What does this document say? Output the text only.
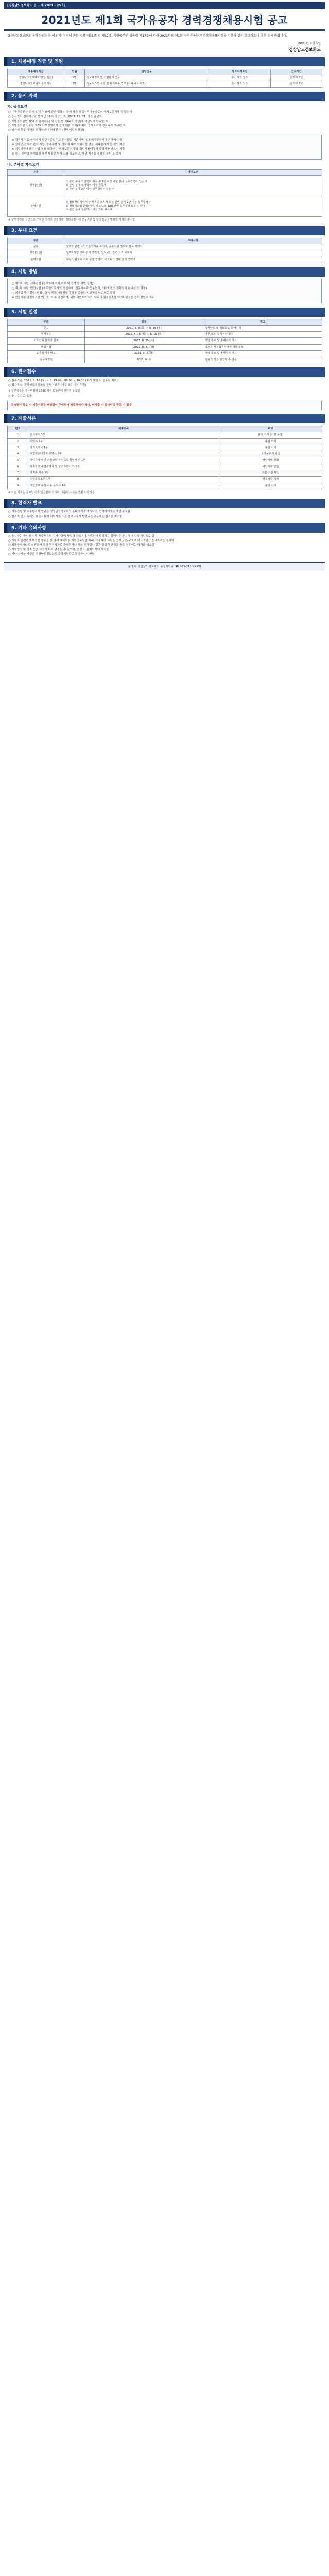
[경상남도정보화도 공고 제 2021 - 25호]
2021년도 제1회 국가유공자 경력경쟁채용시험 공고
경상남도정보화도 국가유공자 등 예우 및 지원에 관한 법률 제31조 및 제32조, 지방공무원 임용령 제17조에 따라 2021년도 제1회 국가유공자 경력경쟁채용시험을 다음과 같이 공고하오니 많은 응시 바랍니다.
2021년 8월 5일
경상남도정보화도
1. 채용예정 직급 및 인원
채용예정직급	인원	담당업무	필요자격요건	근무기간
경상남도정보화도 행정(전산)	1명	정보화정책 및 사업관리 업무	응시자격 참조	임기제 2년
경상남도정보화도 운영지원	1명	정보시스템 운영 및 유지보수 업무 (서버·네트워크)	응시자격 참조	임기제 2년
2. 응시 자격
가. 공통요건
○ 「국가유공자 등 예우 및 지원에 관한 법률」 등에 따른 취업지원대상자로서 국가보훈처에 등록된 자
○ 응시원서 접수마감일 현재 만 18세 이상인 자 (2003. 12. 31. 이전 출생자)
○ 지방공무원법 제31조(결격사유) 및 같은 법 제66조(정년)에 해당되지 아니한 자
○ 지방공무원 임용령 제65조(부정행위자 등에 대한 조치)에 따라 응시자격이 정지되지 아니한 자
○ 남자의 경우 병역을 필하였거나 면제된 자 (전역예정자 포함)
※ 결격사유 등 응시자격 판단기준일은 최종시험일 기준이며, 임용예정일까지 유지하여야 함
※ 장애인 응시자 편의 지원: 장애유형 및 정도에 따라 시험시간 연장, 확대문제지 등 편의 제공
※ 취업지원대상자 가점 적용 대상자는 국가보훈처 발급 취업지원대상자 증명서를 반드시 제출
※ 응시 분야별 자격요건 세부 내용은 아래 표를 참조하고, 해당 자격을 정확히 확인 후 응시
나. 분야별 자격요건
구분	자격요건
행정(전산)	① 관련 분야 학사학위 취득 후 1년 이상 해당 분야 실무경력이 있는 자
② 관련 분야 석사학위 이상 취득자
③ 관련 분야 3년 이상 실무경력이 있는 자
운영지원	① 정보처리기사 이상 자격증 소지자 또는 관련 분야 2년 이상 실무경력자
② 정보시스템 운영(서버, 네트워크, DB) 관련 실무경력 보유자 우대
③ 관련 분야 전문학사 이상 학위 취득자
※ 실무경력은 상근으로 근무한 경력만 인정하며, 경력증명서에 근무기간 및 담당업무가 명확히 기재되어야 함
3. 우대 요건
구분	우대사항
공통	정보화 관련 국가기술자격증 소지자, 공공기관 정보화 업무 경력자
행정(전산)	정보화사업 기획·관리 경력자, 정보보안 관련 자격 보유자
운영지원	리눅스·윈도우 서버 운영 경력자, 네트워크 장비 운영 경력자
4. 시험 방법
○ 제1차 시험: 서류전형 (응시자격 적격 여부 및 경력 등 서면 심사)
○ 제2차 시험: 면접시험 (공무원으로서의 정신자세, 전문지식과 응용능력, 의사표현의 정확성과 논리성 등 평정)
○ 최종합격자 결정: 면접시험 성적과 서류전형 결과를 종합하여 고득점자 순으로 결정
※ 면접시험 평정요소별 '상, 중, 하'로 평정하며, 위원 과반수가 어느 하나의 평정요소를 '하'로 평정한 경우 불합격 처리
5. 시험 일정
구분	일정	비고
공고	2021. 8. 5.(목) ~ 8. 19.(목)	경상남도 및 정보화도 홈페이지
원서접수	2021. 8. 16.(월) ~ 8. 19.(목)	방문 또는 등기우편 접수
서류전형 합격자 발표	2021. 8. 25.(수)	개별 통보 및 홈페이지 게시
면접시험	2021. 8. 31.(화)	장소는 서류합격자에게 개별 통보
최종합격자 발표	2021. 9. 3.(금)	개별 통보 및 홈페이지 게시
임용예정일	2021. 9. 중	임용 일정은 변경될 수 있음
6. 원서접수
○ 접수기간: 2021. 8. 16.(월) ~ 8. 19.(목), 09:00 ~ 18:00 (토·일요일 및 공휴일 제외)
○ 접수장소: 경상남도정보화도 운영지원과 (방문 또는 등기우편)
※ 우편접수는 접수마감일 18:00까지 도착분에 한하여 유효함
○ 응시수수료: 없음
응시원서 접수 시 제출서류를 빠짐없이 구비하여 제출하여야 하며, 미제출 시 불이익을 받을 수 있음
7. 제출서류
번호	제출서류	비고
1	응시원서 1부	붙임 서식 (사진 부착)
2	이력서 1부	붙임 서식
3	자기소개서 1부	붙임 서식
4	취업지원대상자 증명서 1부	국가보훈처 발급
5	경력증명서 및 건강보험 자격득실 확인서 각 1부	해당자에 한함
6	최종학력 졸업증명서 및 성적증명서 각 1부	해당자에 한함
7	자격증 사본 1부	원본 지참 확인
8	주민등록초본 1부	병적사항 기재
9	개인정보 수집·이용 동의서 1부	붙임 서식
※ 모든 서류는 공고일 이후 발급분에 한하며, 제출된 서류는 반환하지 않음
8. 합격자 발표
○ 서류전형 및 최종합격자 명단은 경상남도정보화도 홈페이지에 게시하고, 합격자에게는 개별 통보함
○ 합격자 발표 후에도 제출서류의 허위기재 또는 결격사유가 발견되는 경우에는 합격을 취소함
9. 기타 유의사항
○ 응시자는 응시원서 및 제출서류의 기재사항이 사실과 다르거나 누락되어 발생하는 불이익은 응시자 본인의 책임으로 함
○ 시험과 관련하여 부정한 행위를 한 자에 대하여는 지방공무원법 제42조에 따라 시험을 정지 또는 무효로 하고 5년간 응시자격을 정지함
○ 최종합격자라도 신원조사 결과 부적격자로 판명되거나 채용 신체검사 결과 불합격 판정을 받은 경우에는 합격을 취소함
○ 시험일정 및 장소 등은 사정에 따라 변경될 수 있으며, 변경 시 홈페이지에 게시함
○ 기타 자세한 사항은 경상남도정보화도 운영지원과로 문의하시기 바람
문의처: 경상남도정보화도 운영지원과 (☎ 055-211-XXXX)
